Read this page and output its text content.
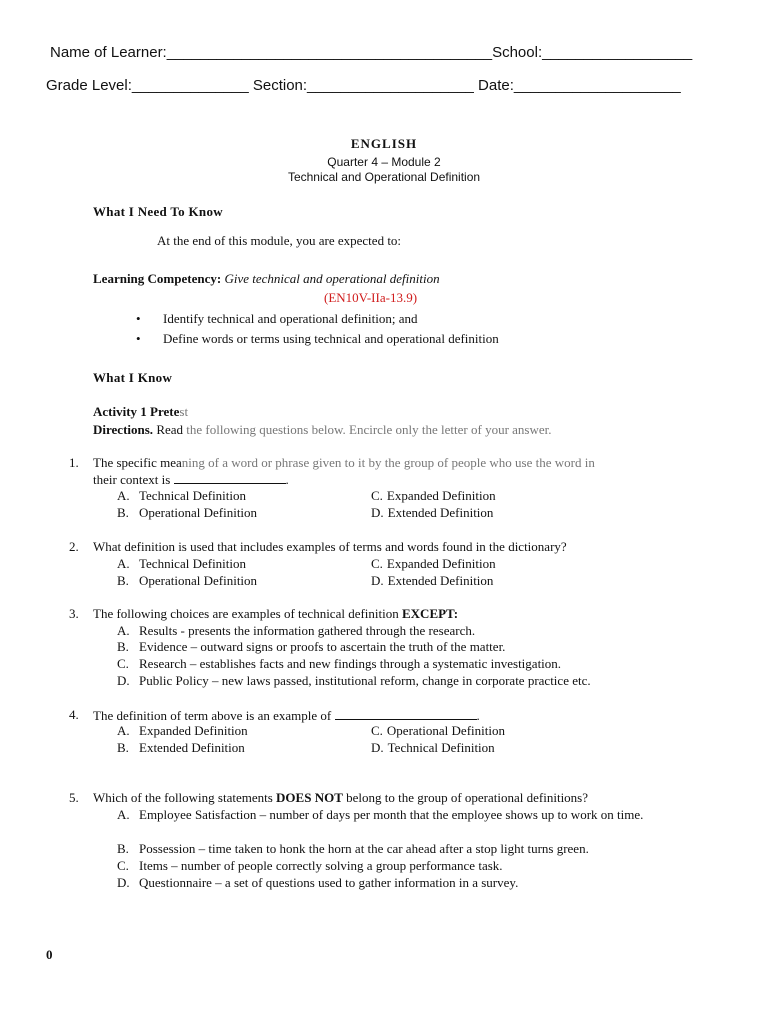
Name of Learner:_______________________________________School:__________________
Grade Level:______________ Section:____________________ Date:____________________
ENGLISH
Quarter 4 – Module 2
Technical and Operational Definition
What I Need To Know
At the end of this module, you are expected to:
Learning Competency: Give technical and operational definition
(EN10V-IIa-13.9)
• Identify technical and operational definition; and
• Define words or terms using technical and operational definition
What I Know
Activity 1 Pretest
Directions. Read the following questions below. Encircle only the letter of your answer.
1. The specific meaning of a word or phrase given to it by the group of people who use the word in
their context is	.
A. Technical Definition
B. Operational Definition
C. Expanded Definition
D. Extended Definition
2. What definition is used that includes examples of terms and words found in the dictionary?
A. Technical Definition
B. Operational Definition
C. Expanded Definition
D. Extended Definition
3. The following choices are examples of technical definition EXCEPT:
A. Results - presents the information gathered through the research.
B. Evidence – outward signs or proofs to ascertain the truth of the matter.
C. Research – establishes facts and new findings through a systematic investigation.
D. Public Policy – new laws passed, institutional reform, change in corporate practice etc.
4. The definition of term above is an example of	.
A. Expanded Definition
B. Extended Definition
C. Operational Definition
D. Technical Definition
5. Which of the following statements DOES NOT belong to the group of operational definitions?
A. Employee Satisfaction – number of days per month that the employee shows up to work on time.
B. Possession – time taken to honk the horn at the car ahead after a stop light turns green.
C. Items – number of people correctly solving a group performance task.
D. Questionnaire – a set of questions used to gather information in a survey.
0
